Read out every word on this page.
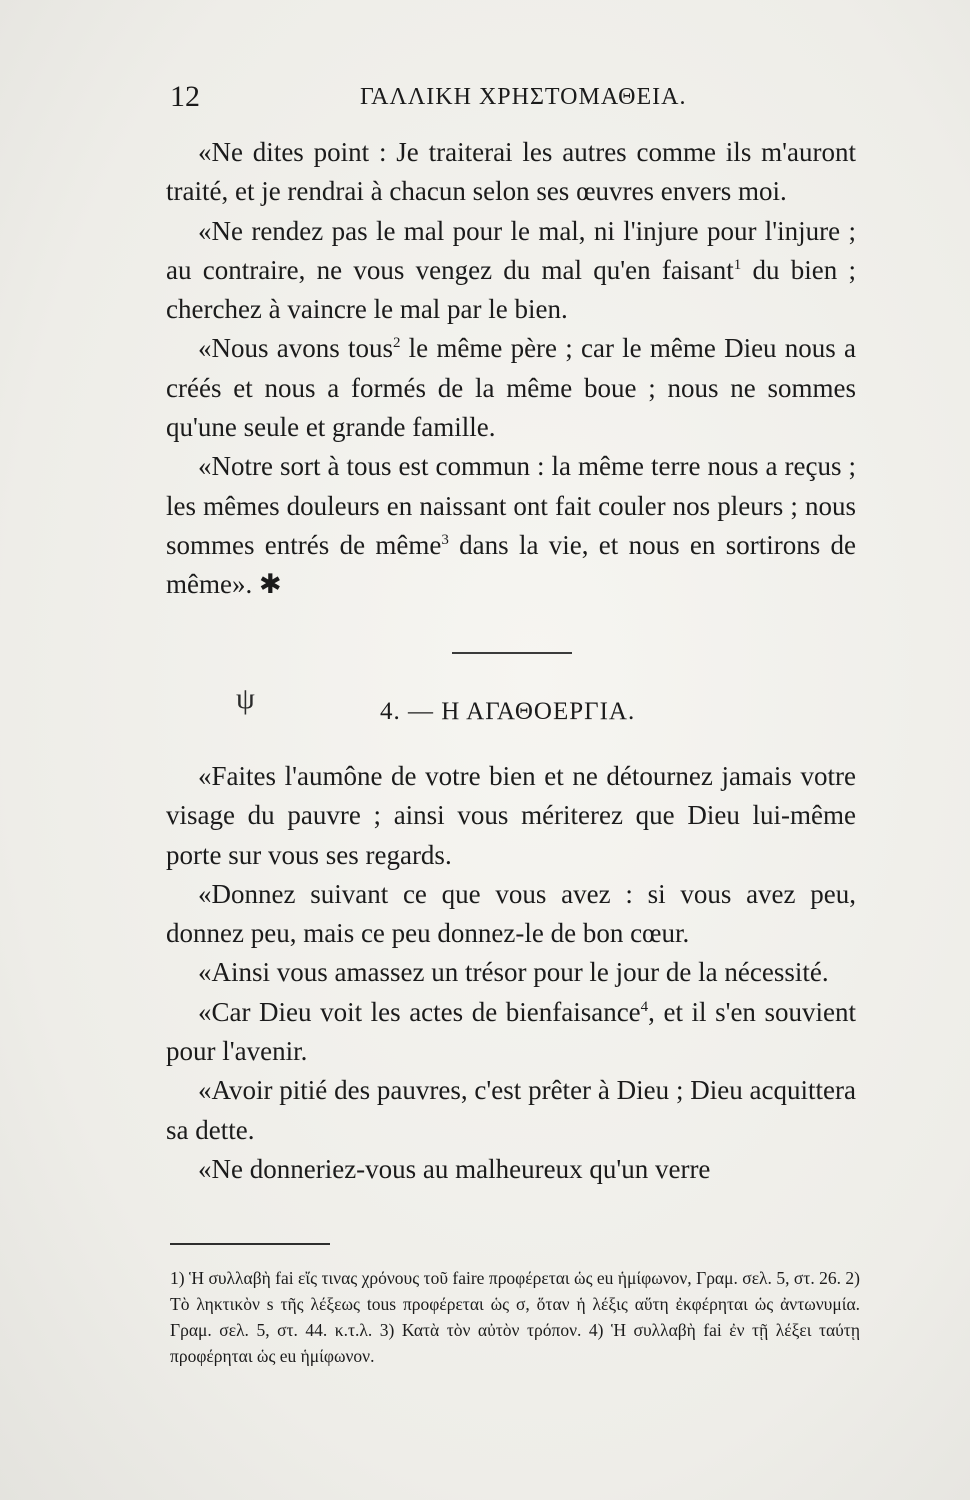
12	ΓΑΛΛΙΚΗ ΧΡΗΣΤΟΜΑΘΕΙΑ.

«Ne dites point : Je traiterai les autres comme ils m'auront traité, et je rendrai à chacun selon ses œuvres envers moi.

«Ne rendez pas le mal pour le mal, ni l'injure pour l'injure ; au contraire, ne vous vengez du mal qu'en faisant$^1$ du bien ; cherchez à vaincre le mal par le bien.

«Nous avons tous$^2$ le même père ; car le même Dieu nous a créés et nous a formés de la même boue ; nous ne sommes qu'une seule et grande famille.

«Notre sort à tous est commun : la même terre nous a reçus ; les mêmes douleurs en naissant ont fait couler nos pleurs ; nous sommes entrés de même$^3$ dans la vie, et nous en sortirons de même». ✱

ψ	4. — Η ΑΓΑΘΟΕΡΓΙΑ.

«Faites l'aumône de votre bien et ne détournez jamais votre visage du pauvre ; ainsi vous mériterez que Dieu lui-même porte sur vous ses regards.

«Donnez suivant ce que vous avez : si vous avez peu, donnez peu, mais ce peu donnez-le de bon cœur.

«Ainsi vous amassez un trésor pour le jour de la nécessité.

«Car Dieu voit les actes de bienfaisance$^4$, et il s'en souvient pour l'avenir.

«Avoir pitié des pauvres, c'est prêter à Dieu ; Dieu acquittera sa dette.

«Ne donneriez-vous au malheureux qu'un verre

1) Ἡ συλλαβὴ fai εἴς τινας χρόνους τοῦ faire προφέρεται ὡς eu ἡμίφωνον, Γραμ. σελ. 5, στ. 26. 2) Τὸ ληκτικὸν s τῆς λέξεως tous προφέρεται ὡς σ, ὅταν ἡ λέξις αὕτη ἐκφέρηται ὡς ἀντωνυμία. Γραμ. σελ. 5, στ. 44. κ.τ.λ. 3) Κατὰ τὸν αὐτὸν τρόπον. 4) Ἡ συλλαβὴ fai ἐν τῇ λέξει ταύτῃ προφέρηται ὡς eu ἡμίφωνον.
